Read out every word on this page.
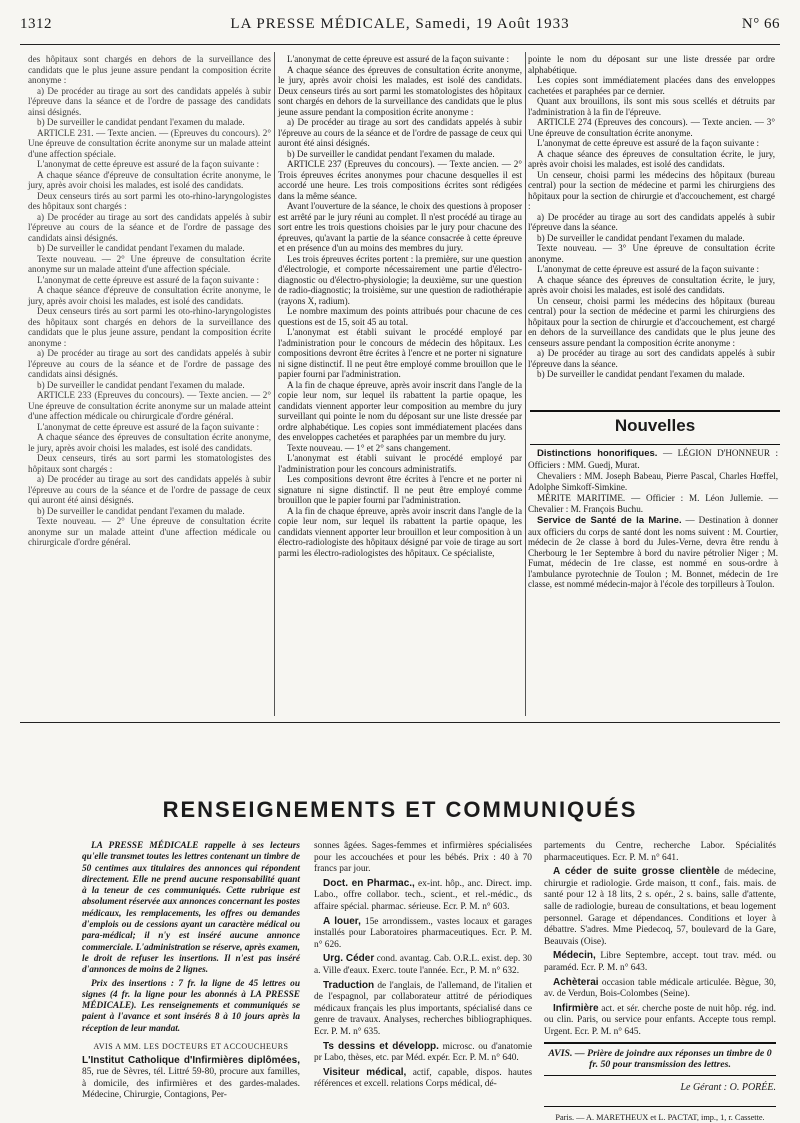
1312	LA PRESSE MÉDICALE, Samedi, 19 Août 1933	N° 66

des hôpitaux sont chargés en dehors de la surveillance des candidats que le plus jeune assure pendant la composition écrite anonyme :

a) De procéder au tirage au sort des candidats appelés à subir l'épreuve dans la séance et de l'ordre de passage des candidats ainsi désignés.

b) De surveiller le candidat pendant l'examen du malade.

ARTICLE 231. — Texte ancien. — (Epreuves du concours). 2° Une épreuve de consultation écrite anonyme sur un malade atteint d'une affection spéciale.

L'anonymat de cette épreuve est assuré de la façon suivante :

A chaque séance d'épreuve de consultation écrite anonyme, le jury, après avoir choisi les malades, est isolé des candidats.

Deux censeurs tirés au sort parmi les oto-rhino-laryngologistes des hôpitaux sont chargés :

a) De procéder au tirage au sort des candidats appelés à subir l'épreuve au cours de la séance et de l'ordre de passage des candidats ainsi désignés.

b) De surveiller le candidat pendant l'examen du malade.

Texte nouveau. — 2° Une épreuve de consultation écrite anonyme sur un malade atteint d'une affection spéciale.

L'anonymat de cette épreuve est assuré de la façon suivante :

A chaque séance d'épreuve de consultation écrite anonyme, le jury, après avoir choisi les malades, est isolé des candidats.

Deux censeurs tirés au sort parmi les oto-rhino-laryngologistes des hôpitaux sont chargés en dehors de la surveillance des candidats que le plus jeune assure, pendant la composition écrite anonyme :

a) De procéder au tirage au sort des candidats appelés à subir l'épreuve au cours de la séance et de l'ordre de passage des candidats ainsi désignés.

b) De surveiller le candidat pendant l'examen du malade.

ARTICLE 233 (Epreuves du concours). — Texte ancien. — 2° Une épreuve de consultation écrite anonyme sur un malade atteint d'une affection médicale ou chirurgicale d'ordre général.

L'anonymat de cette épreuve est assuré de la façon suivante :

A chaque séance des épreuves de consultation écrite anonyme, le jury, après avoir choisi les malades, est isolé des candidats.

Deux censeurs, tirés au sort parmi les stomatologistes des hôpitaux sont chargés :

a) De procéder au tirage au sort des candidats appelés à subir l'épreuve au cours de la séance et de l'ordre de passage de ceux qui auront été ainsi désignés.

b) De surveiller le candidat pendant l'examen du malade.

Texte nouveau. — 2° Une épreuve de consultation écrite anonyme sur un malade atteint d'une affection médicale ou chirurgicale d'ordre général.

L'anonymat de cette épreuve est assuré de la façon suivante :

A chaque séance des épreuves de consultation écrite anonyme, le jury, après avoir choisi les malades, est isolé des candidats. Deux censeurs tirés au sort parmi les stomatologistes des hôpitaux sont chargés en dehors de la surveillance des candidats que le plus jeune assure pendant la composition écrite anonyme :

a) De procéder au tirage au sort des candidats appelés à subir l'épreuve au cours de la séance et de l'ordre de passage de ceux qui auront été ainsi désignés.

b) De surveiller le candidat pendant l'examen du malade.

ARTICLE 237 (Epreuves du concours). — Texte ancien. — 2° Trois épreuves écrites anonymes pour chacune desquelles il est accordé une heure. Les trois compositions écrites sont rédigées dans la même séance.

Avant l'ouverture de la séance, le choix des questions à proposer est arrêté par le jury réuni au complet. Il n'est procédé au tirage au sort entre les trois questions choisies par le jury pour chacune des épreuves, qu'avant la partie de la séance consacrée à cette épreuve et en présence d'un au moins des membres du jury.

Les trois épreuves écrites portent : la première, sur une question d'électrologie, et comporte nécessairement une partie d'électro-diagnostic ou d'électro-physiologie; la deuxième, sur une question de radio-diagnostic; la troisième, sur une question de radiothérapie (rayons X, radium).

Le nombre maximum des points attribués pour chacune de ces questions est de 15, soit 45 au total.

L'anonymat est établi suivant le procédé employé par l'administration pour le concours de médecin des hôpitaux. Les compositions devront être écrites à l'encre et ne porter ni signature ni signe distinctif. Il ne peut être employé comme brouillon que le papier fourni par l'administration.

A la fin de chaque épreuve, après avoir inscrit dans l'angle de la copie leur nom, sur lequel ils rabattent la partie opaque, les candidats viennent apporter leur composition au membre du jury surveillant qui pointe le nom du déposant sur une liste dressée par ordre alphabétique. Les copies sont immédiatement placées dans des enveloppes cachetées et paraphées par un membre du jury.

Texte nouveau. — 1° et 2° sans changement.

L'anonymat est établi suivant le procédé employé par l'administration pour les concours administratifs.

Les compositions devront être écrites à l'encre et ne porter ni signature ni signe distinctif. Il ne peut être employé comme brouillon que le papier fourni par l'administration.

A la fin de chaque épreuve, après avoir inscrit dans l'angle de la copie leur nom, sur lequel ils rabattent la partie opaque, les candidats viennent apporter leur brouillon et leur composition à un électro-radiologiste des hôpitaux désigné par voie de tirage au sort parmi les électro-radiologistes des hôpitaux. Ce spécialiste,

pointe le nom du déposant sur une liste dressée par ordre alphabétique.

Les copies sont immédiatement placées dans des enveloppes cachetées et paraphées par ce dernier.

Quant aux brouillons, ils sont mis sous scellés et détruits par l'administration à la fin de l'épreuve.

ARTICLE 274 (Epreuves des concours). — Texte ancien. — 3° Une épreuve de consultation écrite anonyme.

L'anonymat de cette épreuve est assuré de la façon suivante :

A chaque séance des épreuves de consultation écrite, le jury, après avoir choisi les malades, est isolé des candidats.

Un censeur, choisi parmi les médecins des hôpitaux (bureau central) pour la section de médecine et parmi les chirurgiens des hôpitaux pour la section de chirurgie et d'accouchement, est chargé :

a) De procéder au tirage au sort des candidats appelés à subir l'épreuve dans la séance.

b) De surveiller le candidat pendant l'examen du malade.

Texte nouveau. — 3° Une épreuve de consultation écrite anonyme.

L'anonymat de cette épreuve est assuré de la façon suivante :

A chaque séance des épreuves de consultation écrite, le jury, après avoir choisi les malades, est isolé des candidats.

Un censeur, choisi parmi les médecins des hôpitaux (bureau central) pour la section de médecine et parmi les chirurgiens des hôpitaux pour la section de chirurgie et d'accouchement, est chargé en dehors de la surveillance des candidats que le plus jeune des censeurs assure pendant la composition écrite anonyme :

a) De procéder au tirage au sort des candidats appelés à subir l'épreuve dans la séance.

b) De surveiller le candidat pendant l'examen du malade.

Nouvelles

Distinctions honorifiques. — LÉGION D'HONNEUR : Officiers : MM. Guedj, Murat.

Chevaliers : MM. Joseph Babeau, Pierre Pascal, Charles Hœffel, Adolphe Simkoff-Simkine.

MÉRITE MARITIME. — Officier : M. Léon Jullemie. — Chevalier : M. François Buchu.

Service de Santé de la Marine. — Destination à donner aux officiers du corps de santé dont les noms suivent : M. Courtier, médecin de 2e classe à bord du Jules-Verne, devra être rendu à Cherbourg le 1er Septembre à bord du navire pétrolier Niger ; M. Fumat, médecin de 1re classe, est nommé en sous-ordre à l'ambulance pyrotechnie de Toulon ; M. Bonnet, médecin de 1re classe, est nommé médecin-major à l'école des torpilleurs à Toulon.

RENSEIGNEMENTS ET COMMUNIQUÉS

LA PRESSE MÉDICALE rappelle à ses lecteurs qu'elle transmet toutes les lettres contenant un timbre de 50 centimes aux titulaires des annonces qui répondent directement. Elle ne prend aucune responsabilité quant à la teneur de ces communiqués. Cette rubrique est absolument réservée aux annonces concernant les postes médicaux, les remplacements, les offres ou demandes d'emplois ou de cessions ayant un caractère médical ou para-médical; il n'y est inséré aucune annonce commerciale. L'administration se réserve, après examen, le droit de refuser les insertions. Il n'est pas inséré d'annonces de moins de 2 lignes.

Prix des insertions : 7 fr. la ligne de 45 lettres ou signes (4 fr. la ligne pour les abonnés à LA PRESSE MÉDICALE). Les renseignements et communiqués se paient à l'avance et sont insérés 8 à 10 jours après la réception de leur mandat.

AVIS A MM. LES DOCTEURS ET ACCOUCHEURS

L'Institut Catholique d'Infirmières diplômées, 85, rue de Sèvres, tél. Littré 59-80, procure aux familles, à domicile, des infirmières et des gardes-malades. Médecine, Chirurgie, Contagions, Per-

sonnes âgées. Sages-femmes et infirmières spécialisées pour les accouchées et pour les bébés. Prix : 40 à 70 francs par jour.

Doct. en Pharmac., ex-int. hôp., anc. Direct. imp. Labo., offre collabor. tech., scient., et rel.-médic., ds affaire spécial. pharmac. sérieuse. Ecr. P. M. n° 603.

A louer, 15e arrondissem., vastes locaux et garages installés pour Laboratoires pharmaceutiques. Ecr. P. M. n° 626.

Urg. Céder cond. avantag. Cab. O.R.L. exist. dep. 30 a. Ville d'eaux. Exerc. toute l'année. Ecr., P. M. n° 632.

Traduction de l'anglais, de l'allemand, de l'italien et de l'espagnol, par collaborateur attitré de périodiques médicaux français les plus importants, spécialisé dans ce genre de travaux. Analyses, recherches bibliographiques. Ecr. P. M. n° 635.

Ts dessins et développ. microsc. ou d'anatomie pr Labo, thèses, etc. par Méd. expér. Ecr. P. M. n° 640.

Visiteur médical, actif, capable, dispos. hautes références et excell. relations Corps médical, dé-

partements du Centre, recherche Labor. Spécialités pharmaceutiques. Ecr. P. M. n° 641.

A céder de suite grosse clientèle de médecine, chirurgie et radiologie. Grde maison, tt conf., fais. mais. de santé pour 12 à 18 lits, 2 s. opér., 2 s. bains, salle d'attente, salle de radiologie, bureau de consultations, et beau logement personnel. Garage et dépendances. Conditions et loyer à débattre. S'adres. Mme Piedecoq, 57, boulevard de la Gare, Beauvais (Oise).

Médecin, Libre Septembre, accept. tout trav. méd. ou paraméd. Ecr. P. M. n° 643.

Achèterai occasion table médicale articulée. Bègue, 30, av. de Verdun, Bois-Colombes (Seine).

Infirmière act. et sér. cherche poste de nuit hôp. rég. ind. ou clin. Paris, ou service pour enfants. Accepte tous rempl. Urgent. Ecr. P. M. n° 645.

AVIS. — Prière de joindre aux réponses un timbre de 0 fr. 50 pour transmission des lettres.
Le Gérant : O. PORÉE.
Paris. — A. MARETHEUX et L. PACTAT, imp., 1, r. Cassette.
